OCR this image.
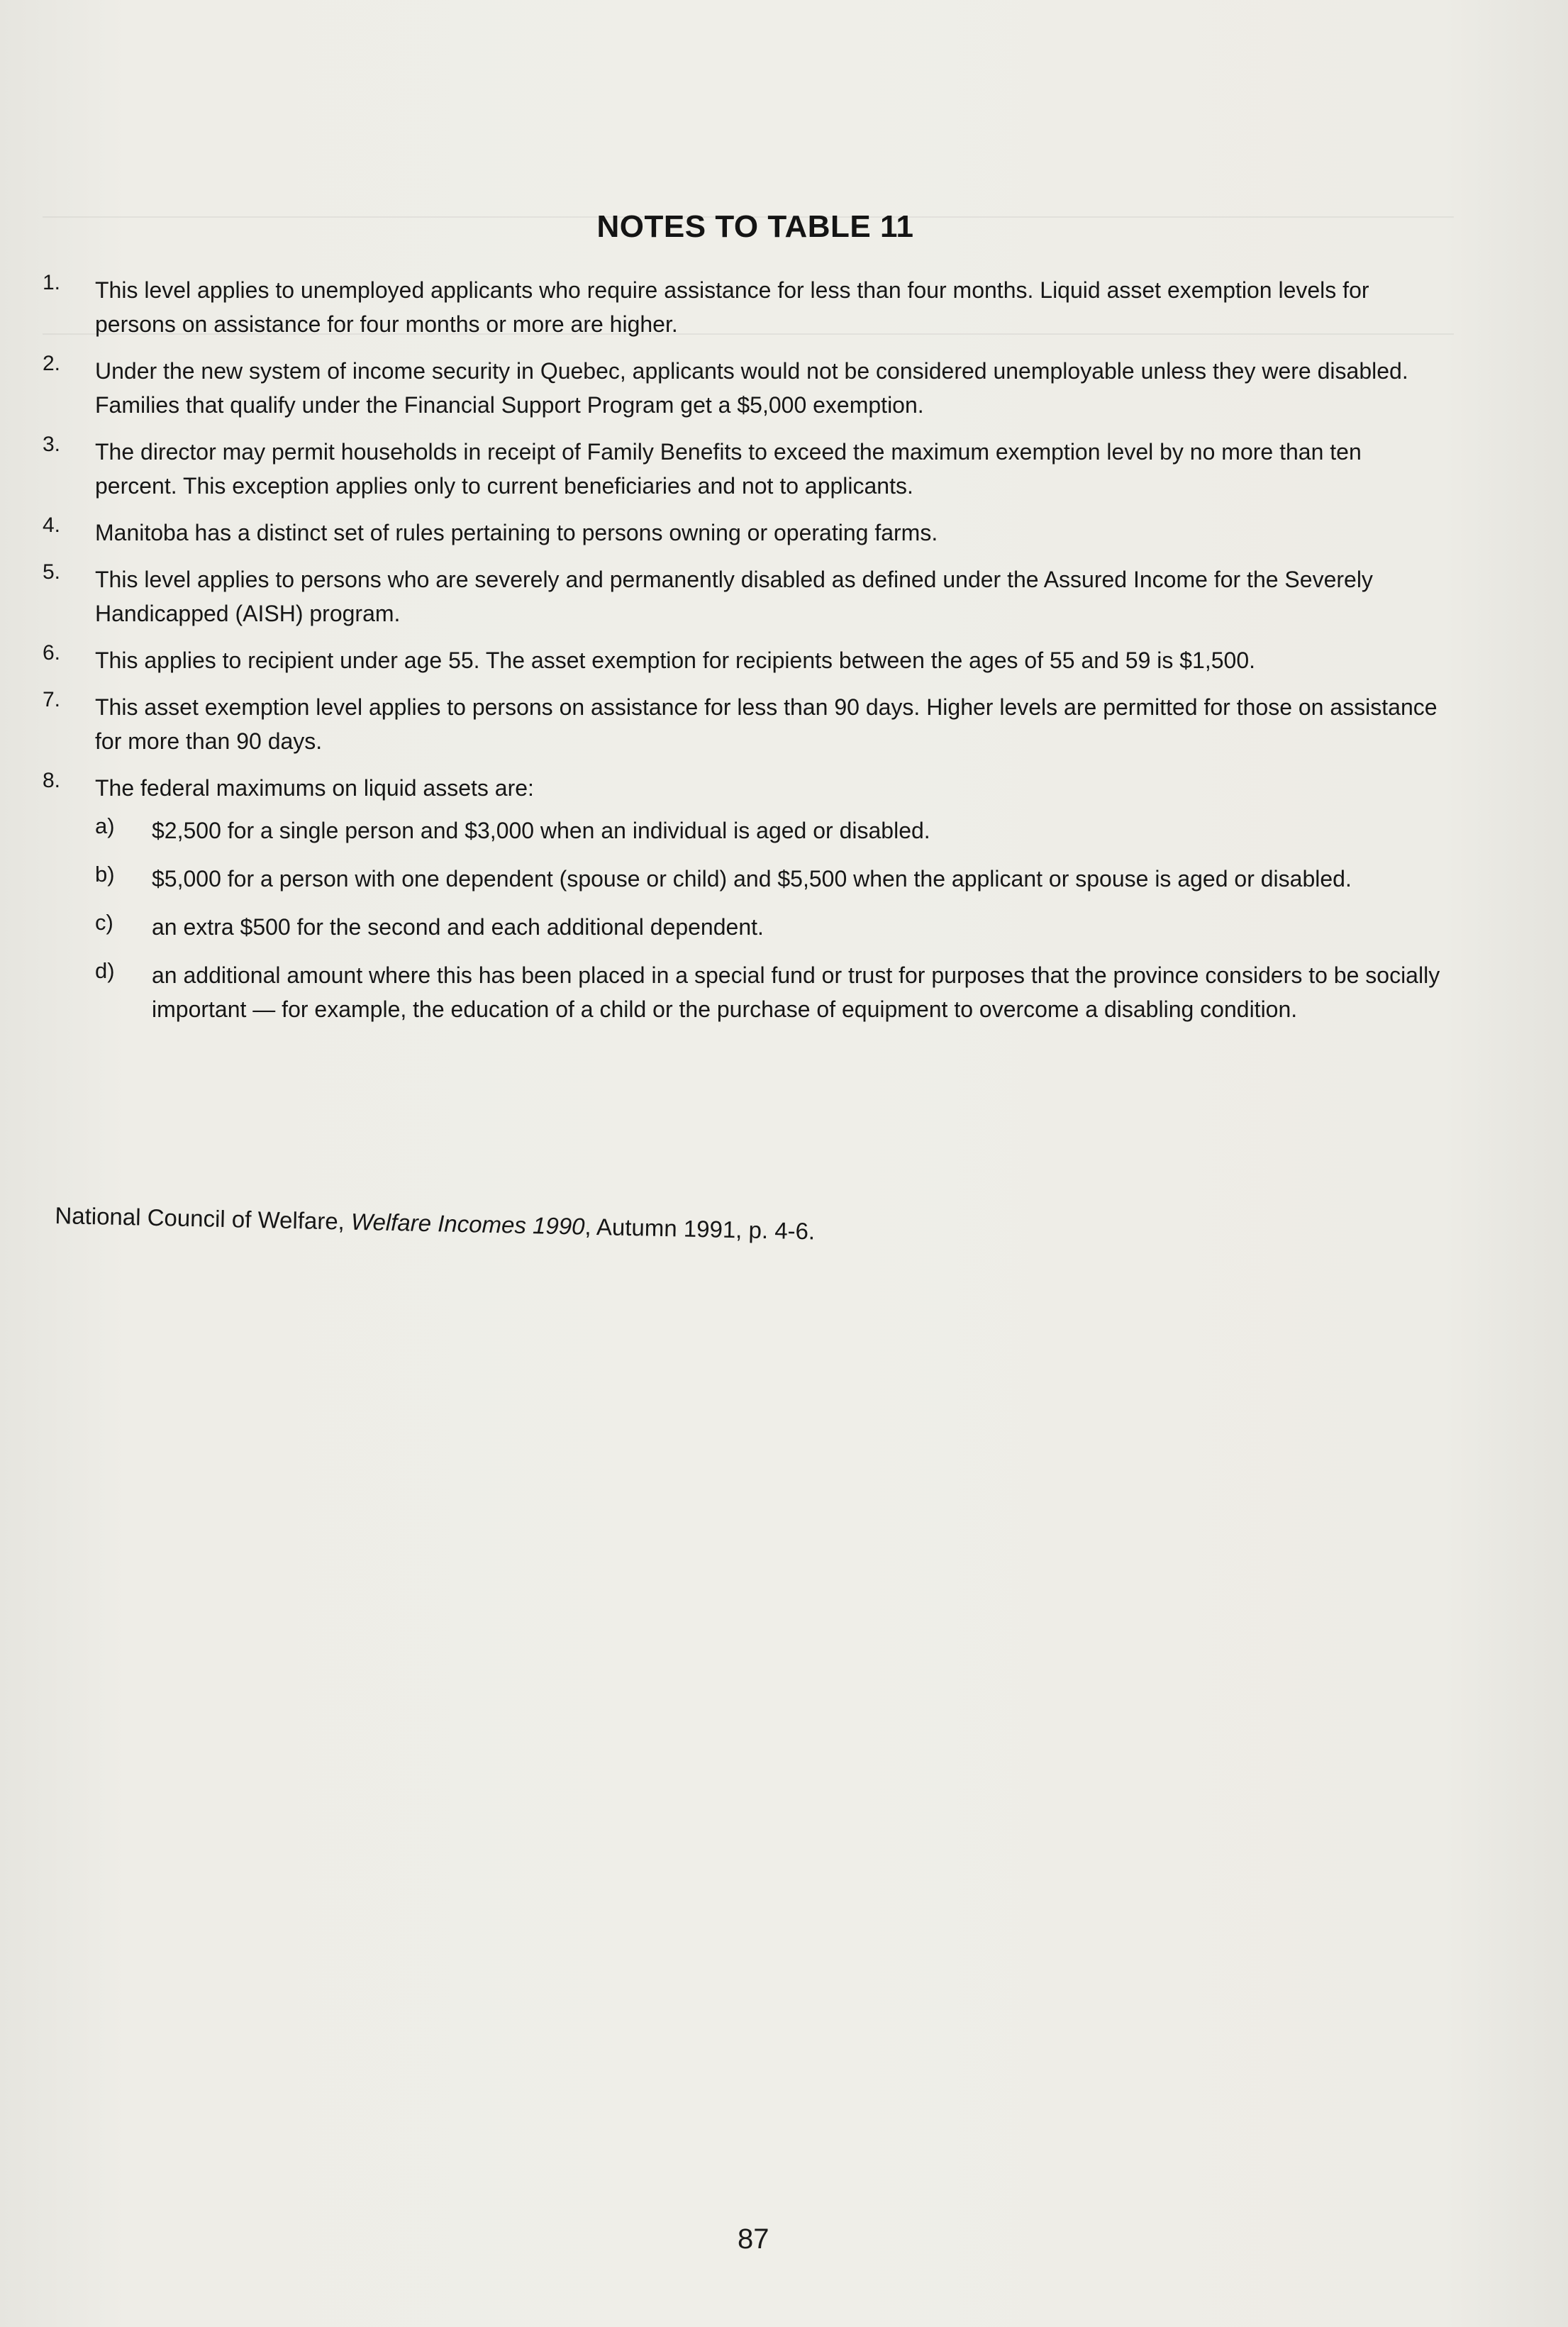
NOTES TO TABLE 11
1. This level applies to unemployed applicants who require assistance for less than four months. Liquid asset exemption levels for persons on assistance for four months or more are higher.
2. Under the new system of income security in Quebec, applicants would not be considered unemployable unless they were disabled. Families that qualify under the Financial Support Program get a $5,000 exemption.
3. The director may permit households in receipt of Family Benefits to exceed the maximum exemption level by no more than ten percent. This exception applies only to current beneficiaries and not to applicants.
4. Manitoba has a distinct set of rules pertaining to persons owning or operating farms.
5. This level applies to persons who are severely and permanently disabled as defined under the Assured Income for the Severely Handicapped (AISH) program.
6. This applies to recipient under age 55. The asset exemption for recipients between the ages of 55 and 59 is $1,500.
7. This asset exemption level applies to persons on assistance for less than 90 days. Higher levels are permitted for those on assistance for more than 90 days.
8. The federal maximums on liquid assets are:
a) $2,500 for a single person and $3,000 when an individual is aged or disabled.
b) $5,000 for a person with one dependent (spouse or child) and $5,500 when the applicant or spouse is aged or disabled.
c) an extra $500 for the second and each additional dependent.
d) an additional amount where this has been placed in a special fund or trust for purposes that the province considers to be socially important — for example, the education of a child or the purchase of equipment to overcome a disabling condition.
National Council of Welfare, Welfare Incomes 1990, Autumn 1991, p. 4-6.
87
